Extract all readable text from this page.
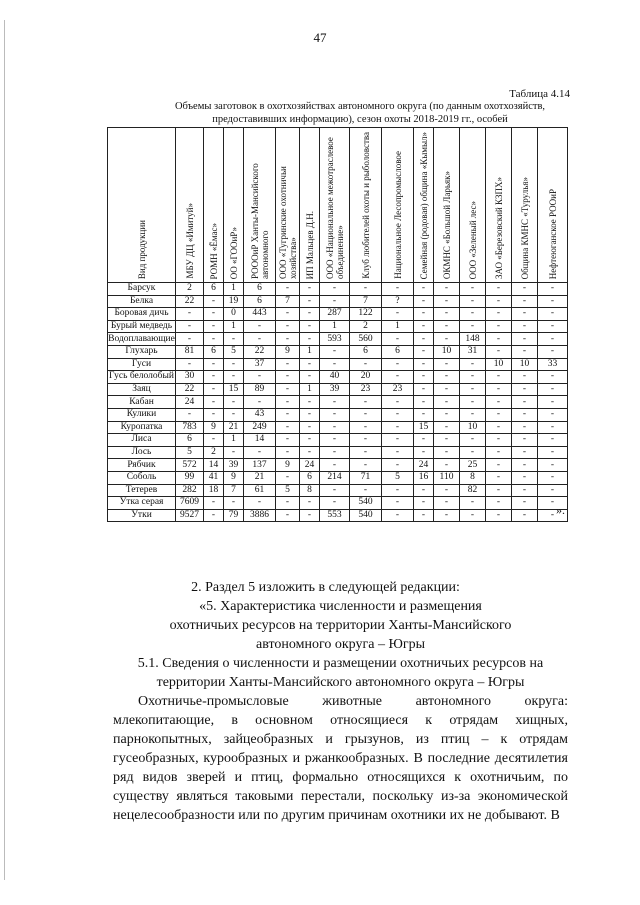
47
Таблица 4.14
Объемы заготовок в охотхозяйствах автономного округа (по данным охотхозяйств,
предоставивших информацию), сезон охоты 2018-2019 гг., особей
Вид продукции	МБУ ДЦ «Имитуй»	РОМН «Ёмас»	ОО «ГООиР»	РОООиР Ханты-Мансийского автономного	ООО «Тугринские охотничьи хозяйства»	ИП Мальцев Д.Н.	ООО «Национальное межотраслевое объединение»	Клуб любителей охоты и рыболовства	Национальное Лесопромысловое	Семейная (родовая) община «Кымыл»	ОКМНС «Большой Ларьяк»	ООО «Зеленый лес»	ЗАО «Березовский КЗПХ»	Община КМНС «Турулья»	Нефтеюганское РООиР
Барсук	2	6	1	6	-	-	-	-	-	-	-	-	-	-	-
Белка	22	-	19	6	7	-	-	7	?	-	-	-	-	-	-
Боровая дичь	-	-	0	443	-	-	287	122	-	-	-	-	-	-	-
Бурый медведь	-	-	1	-	-	-	1	2	1	-	-	-	-	-	-
Водоплавающие	-	-	-	-	-	-	593	560	-	-	-	148	-	-	-
Глухарь	81	6	5	22	9	1	-	6	6	-	10	31	-	-	-
Гуси	-	-	-	37	-	-	-	-	-	-	-	-	10	10	33
Гусь белолобый	30	-	-	-	-	-	40	20	-	-	-	-	-	-	-
Заяц	22	-	15	89	-	1	39	23	23	-	-	-	-	-	-
Кабан	24	-	-	-	-	-	-	-	-	-	-	-	-	-	-
Кулики	-	-	-	43	-	-	-	-	-	-	-	-	-	-	-
Куропатка	783	9	21	249	-	-	-	-	-	15	-	10	-	-	-
Лиса	6	-	1	14	-	-	-	-	-	-	-	-	-	-	-
Лось	5	2	-	-	-	-	-	-	-	-	-	-	-	-	-
Рябчик	572	14	39	137	9	24	-	-	-	24	-	25	-	-	-
Соболь	99	41	9	21	-	6	214	71	5	16	110	8	-	-	-
Тетерев	282	18	7	61	5	8	-	-	-	-	-	82	-	-	-
Утка серая	7609	-	-	-	-	-	-	540	-	-	-	-	-	-	-
Утки	9527	-	79	3886	-	-	553	540	-	-	-	-	-	-	- ».

2. Раздел 5 изложить в следующей редакции:

«5. Характеристика численности и размещения

охотничьих ресурсов на территории Ханты-Мансийского

автономного округа – Югры

5.1. Сведения о численности и размещении охотничьих ресурсов на

территории Ханты-Мансийского автономного округа – Югры

Охотничье-промысловые животные автономного округа: млекопитающие, в основном относящиеся к отрядам хищных, парнокопытных, зайцеобразных и грызунов, из птиц – к отрядам гусеобразных, курообразных и ржанкообразных. В последние десятилетия ряд видов зверей и птиц, формально относящихся к охотничьим, по существу являться таковыми перестали, поскольку из-за экономической нецелесообразности или по другим причинам охотники их не добывают. В
